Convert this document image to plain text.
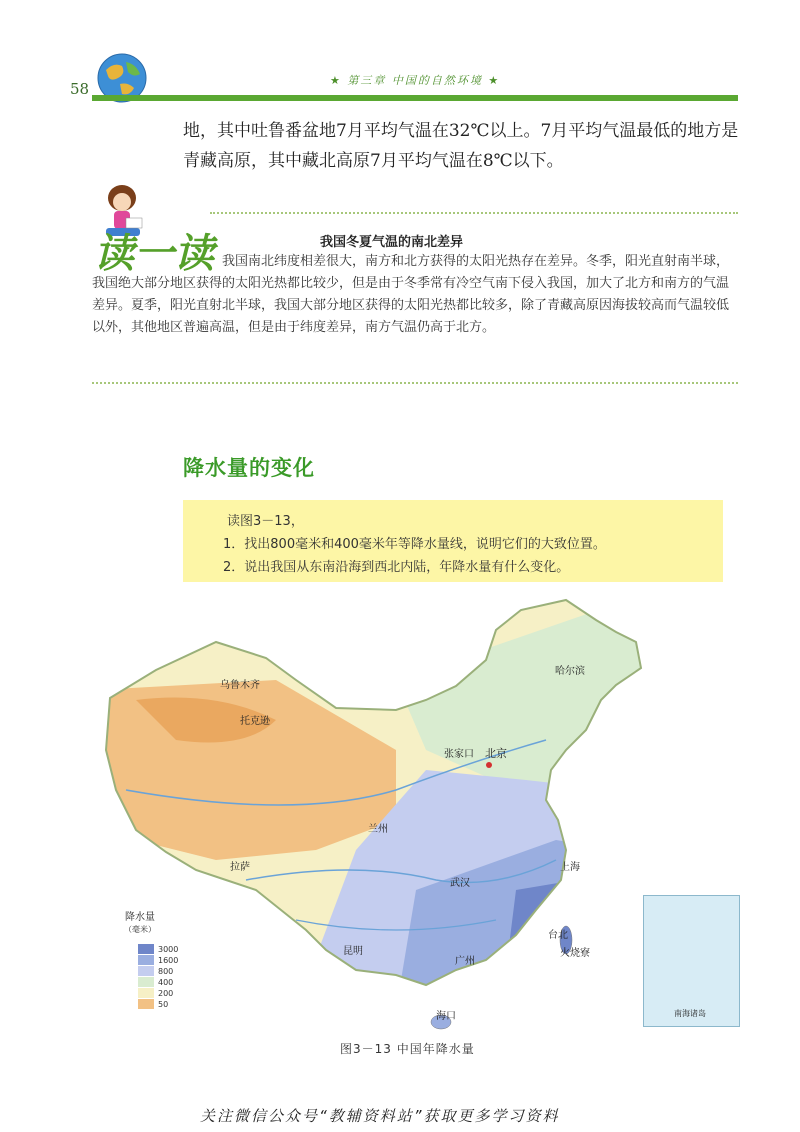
58	★ 第三章 中国的自然环境 ★
地，其中吐鲁番盆地7月平均气温在32℃以上。7月平均气温最低的地方是青藏高原，其中藏北高原7月平均气温在8℃以下。
读一读	我国冬夏气温的南北差异
我国南北纬度相差很大，南方和北方获得的太阳光热存在差异。冬季，阳光直射南半球，我国绝大部分地区获得的太阳光热都比较少，但是由于冬季常有冷空气南下侵入我国，加大了北方和南方的气温差异。夏季，阳光直射北半球，我国大部分地区获得的太阳光热都比较多，除了青藏高原因海拔较高而气温较低以外，其他地区普遍高温，但是由于纬度差异，南方气温仍高于北方。
降水量的变化
读图3－13，
1．找出800毫米和400毫米年等降水量线，说明它们的大致位置。
2．说出我国从东南沿海到西北内陆，年降水量有什么变化。
乌鲁木齐
托克逊
哈尔滨
张家口 北京
兰州
拉萨	上海
武汉
台北
火烧寮
昆明
广州
海口	南海诸岛
降水量
（毫米）
3000
1600
800
400
200
50
图3－13 中国年降水量
关注微信公众号“教辅资料站”获取更多学习资料
